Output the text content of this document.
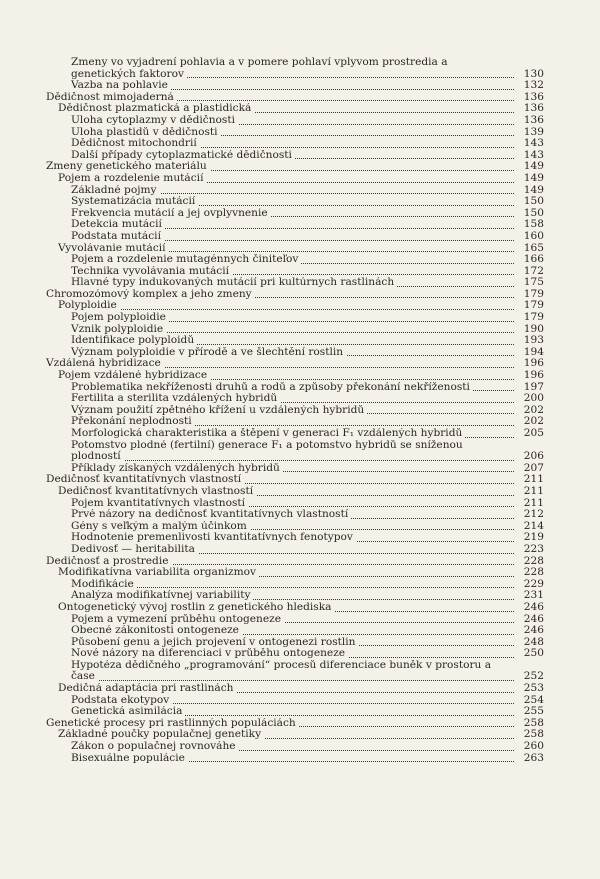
Zmeny vo vyjadrení pohlavia a v pomere pohlaví vplyvom prostredia a genetických faktorov	130
Vazba na pohlavie	132
Dědičnost mimojaderná	136
Dědičnost plazmatická a plastidická	136
Úloha cytoplazmy v dědičnosti	136
Úloha plastidů v dědičnosti	139
Dědičnost mitochondrií	143
Další případy cytoplazmatické dědičnosti	143
Zmeny genetického materiálu	149
Pojem a rozdelenie mutácií	149
Základné pojmy	149
Systematizácia mutácií	150
Frekvencia mutácií a jej ovplyvnenie	150
Detekcia mutácií	158
Podstata mutácií	160
Vyvolávanie mutácií	165
Pojem a rozdelenie mutagénnych činiteľov	166
Technika vyvolávania mutácií	172
Hlavné typy indukovaných mutácií pri kultúrnych rastlinách	175
Chromozómový komplex a jeho zmeny	179
Polyploidie	179
Pojem polyploidie	179
Vznik polyploidie	190
Identifikace polyploidů	193
Význam polyploidie v přírodě a ve šlechtění rostlin	194
Vzdálená hybridizace	196
Pojem vzdálené hybridizace	196
Problematika nekříženosti druhů a rodů a způsoby překonání nekříženosti	197
Fertilita a sterilita vzdálených hybridů	200
Význam použití zpětného křížení u vzdálených hybridů	202
Překonání neplodnosti	202
Morfologická charakteristika a štěpení v generaci F₁ vzdálených hybridů	205
Potomstvo plodné (fertilní) generace F₁ a potomstvo hybridů se sníženou plodností	206
Příklady získaných vzdálených hybridů	207
Dedičnosť kvantitatívnych vlastností	211
Dedičnosť kvantitatívnych vlastností	211
Pojem kvantitatívnych vlastností	211
Prvé názory na dedičnosť kvantitatívnych vlastností	212
Gény s veľkým a malým účinkom	214
Hodnotenie premenlivosti kvantitatívnych fenotypov	219
Dedivosť — heritabilita	223
Dedičnosť a prostredie	228
Modifikatívna variabilita organizmov	228
Modifikácie	229
Analýza modifikatívnej variability	231
Ontogenetický vývoj rostlin z genetického hlediska	246
Pojem a vymezení průběhu ontogeneze	246
Obecné zákonitosti ontogeneze	246
Působení genu a jejich projevení v ontogenezi rostlin	248
Nové názory na diferenciaci v průběhu ontogeneze	250
Hypotéza dědičného „programování“ procesů diferenciace buněk v prostoru a čase	252
Dedičná adaptácia pri rastlinách	253
Podstata ekotypov	254
Genetická asimilácia	255
Genetické procesy pri rastlinných populáciách	258
Základné poučky populačnej genetiky	258
Zákon o populačnej rovnováhe	260
Bisexuálne populácie	263
